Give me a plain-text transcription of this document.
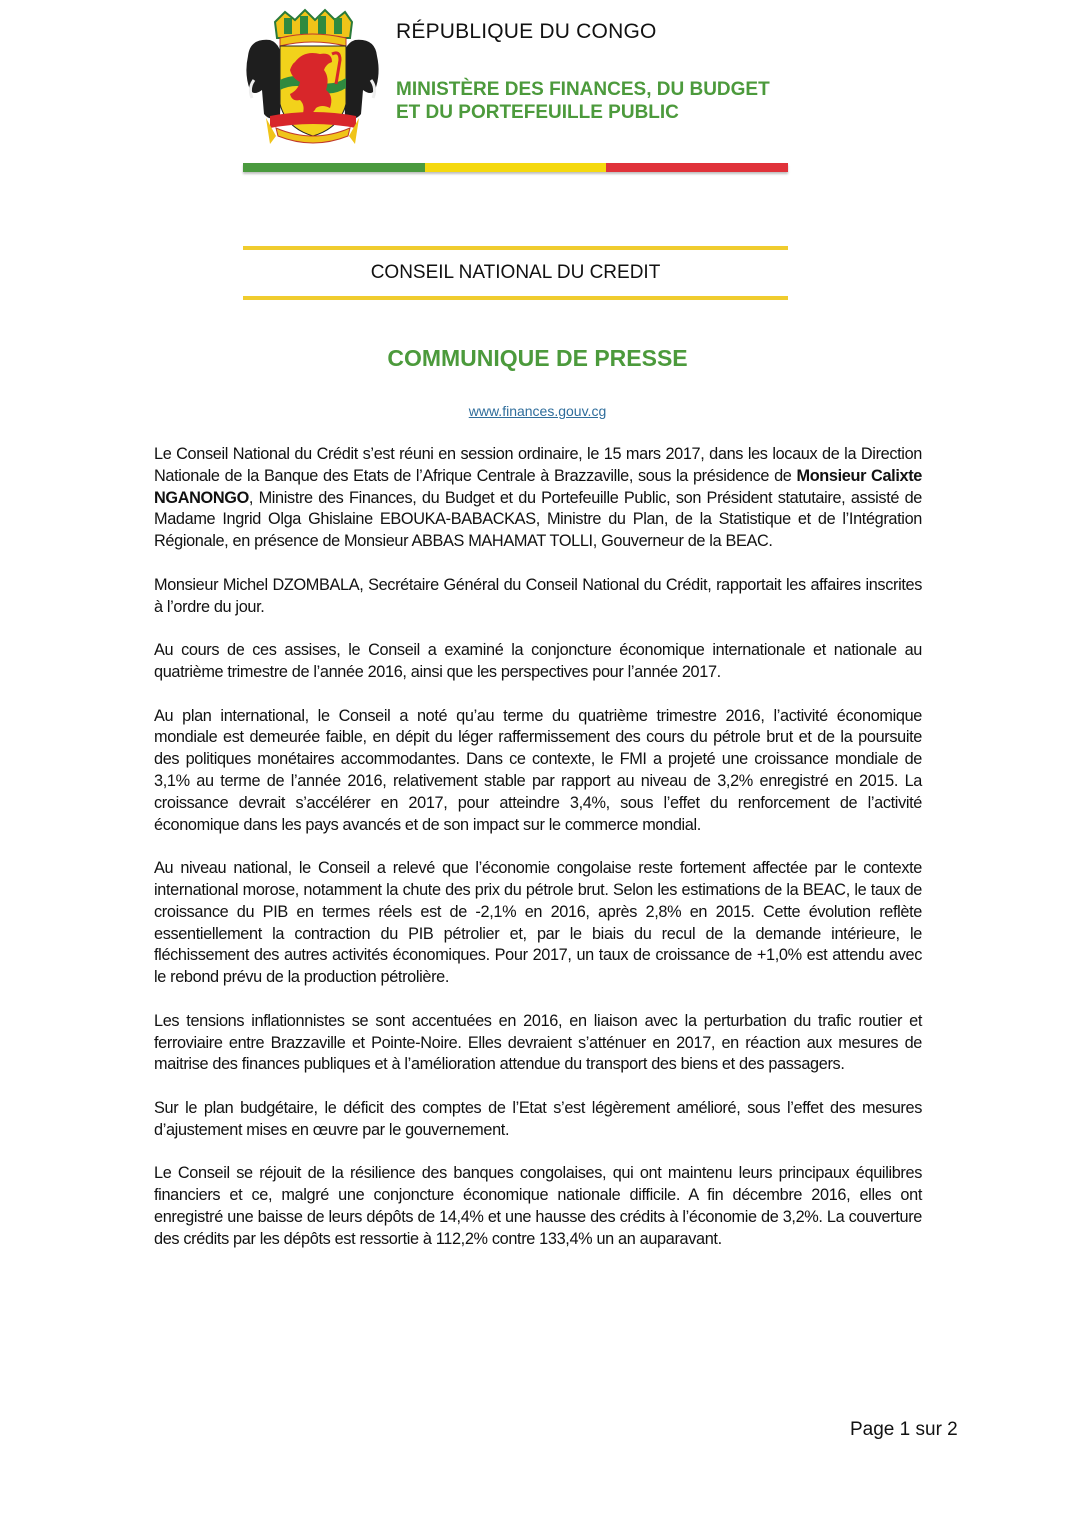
RÉPUBLIQUE DU CONGO
MINISTÈRE DES FINANCES, DU BUDGET
ET DU PORTEFEUILLE PUBLIC
CONSEIL NATIONAL DU CREDIT
COMMUNIQUE DE PRESSE
www.finances.gouv.cg

Le Conseil National du Crédit s’est réuni en session ordinaire, le 15 mars 2017, dans les locaux de la Direction Nationale de la Banque des Etats de l’Afrique Centrale à Brazzaville, sous la présidence de Monsieur Calixte NGANONGO, Ministre des Finances, du Budget et du Portefeuille Public, son Président statutaire, assisté de Madame Ingrid Olga Ghislaine EBOUKA-BABACKAS, Ministre du Plan, de la Statistique et de l’Intégration Régionale, en présence de Monsieur ABBAS MAHAMAT TOLLI, Gouverneur de la BEAC.

Monsieur Michel DZOMBALA, Secrétaire Général du Conseil National du Crédit, rapportait les affaires inscrites à l’ordre du jour.

Au cours de ces assises, le Conseil a examiné la conjoncture économique internationale et nationale au quatrième trimestre de l’année 2016, ainsi que les perspectives pour l’année 2017.

Au plan international, le Conseil a noté qu’au terme du quatrième trimestre 2016, l’activité économique mondiale est demeurée faible, en dépit du léger raffermissement des cours du pétrole brut et de la poursuite des politiques monétaires accommodantes. Dans ce contexte, le FMI a projeté une croissance mondiale de 3,1% au terme de l’année 2016, relativement stable par rapport au niveau de 3,2% enregistré en 2015. La croissance devrait s’accélérer en 2017, pour atteindre 3,4%, sous l’effet du renforcement de l’activité économique dans les pays avancés et de son impact sur le commerce mondial.

Au niveau national, le Conseil a relevé que l’économie congolaise reste fortement affectée par le contexte international morose, notamment la chute des prix du pétrole brut. Selon les estimations de la BEAC, le taux de croissance du PIB en termes réels est de -2,1% en 2016, après 2,8% en 2015. Cette évolution reflète essentiellement la contraction du PIB pétrolier et, par le biais du recul de la demande intérieure, le fléchissement des autres activités économiques. Pour 2017, un taux de croissance de +1,0% est attendu avec le rebond prévu de la production pétrolière.

Les tensions inflationnistes se sont accentuées en 2016, en liaison avec la perturbation du trafic routier et ferroviaire entre Brazzaville et Pointe-Noire. Elles devraient s’atténuer en 2017, en réaction aux mesures de maitrise des finances publiques et à l’amélioration attendue du transport des biens et des passagers.

Sur le plan budgétaire, le déficit des comptes de l’Etat s’est légèrement amélioré, sous l’effet des mesures d’ajustement mises en œuvre par le gouvernement.

Le Conseil se réjouit de la résilience des banques congolaises, qui ont maintenu leurs principaux équilibres financiers et ce, malgré une conjoncture économique nationale difficile. A fin décembre 2016, elles ont enregistré une baisse de leurs dépôts de 14,4% et une hausse des crédits à l’économie de 3,2%. La couverture des crédits par les dépôts est ressortie à 112,2% contre 133,4% un an auparavant.

Page 1 sur 2
